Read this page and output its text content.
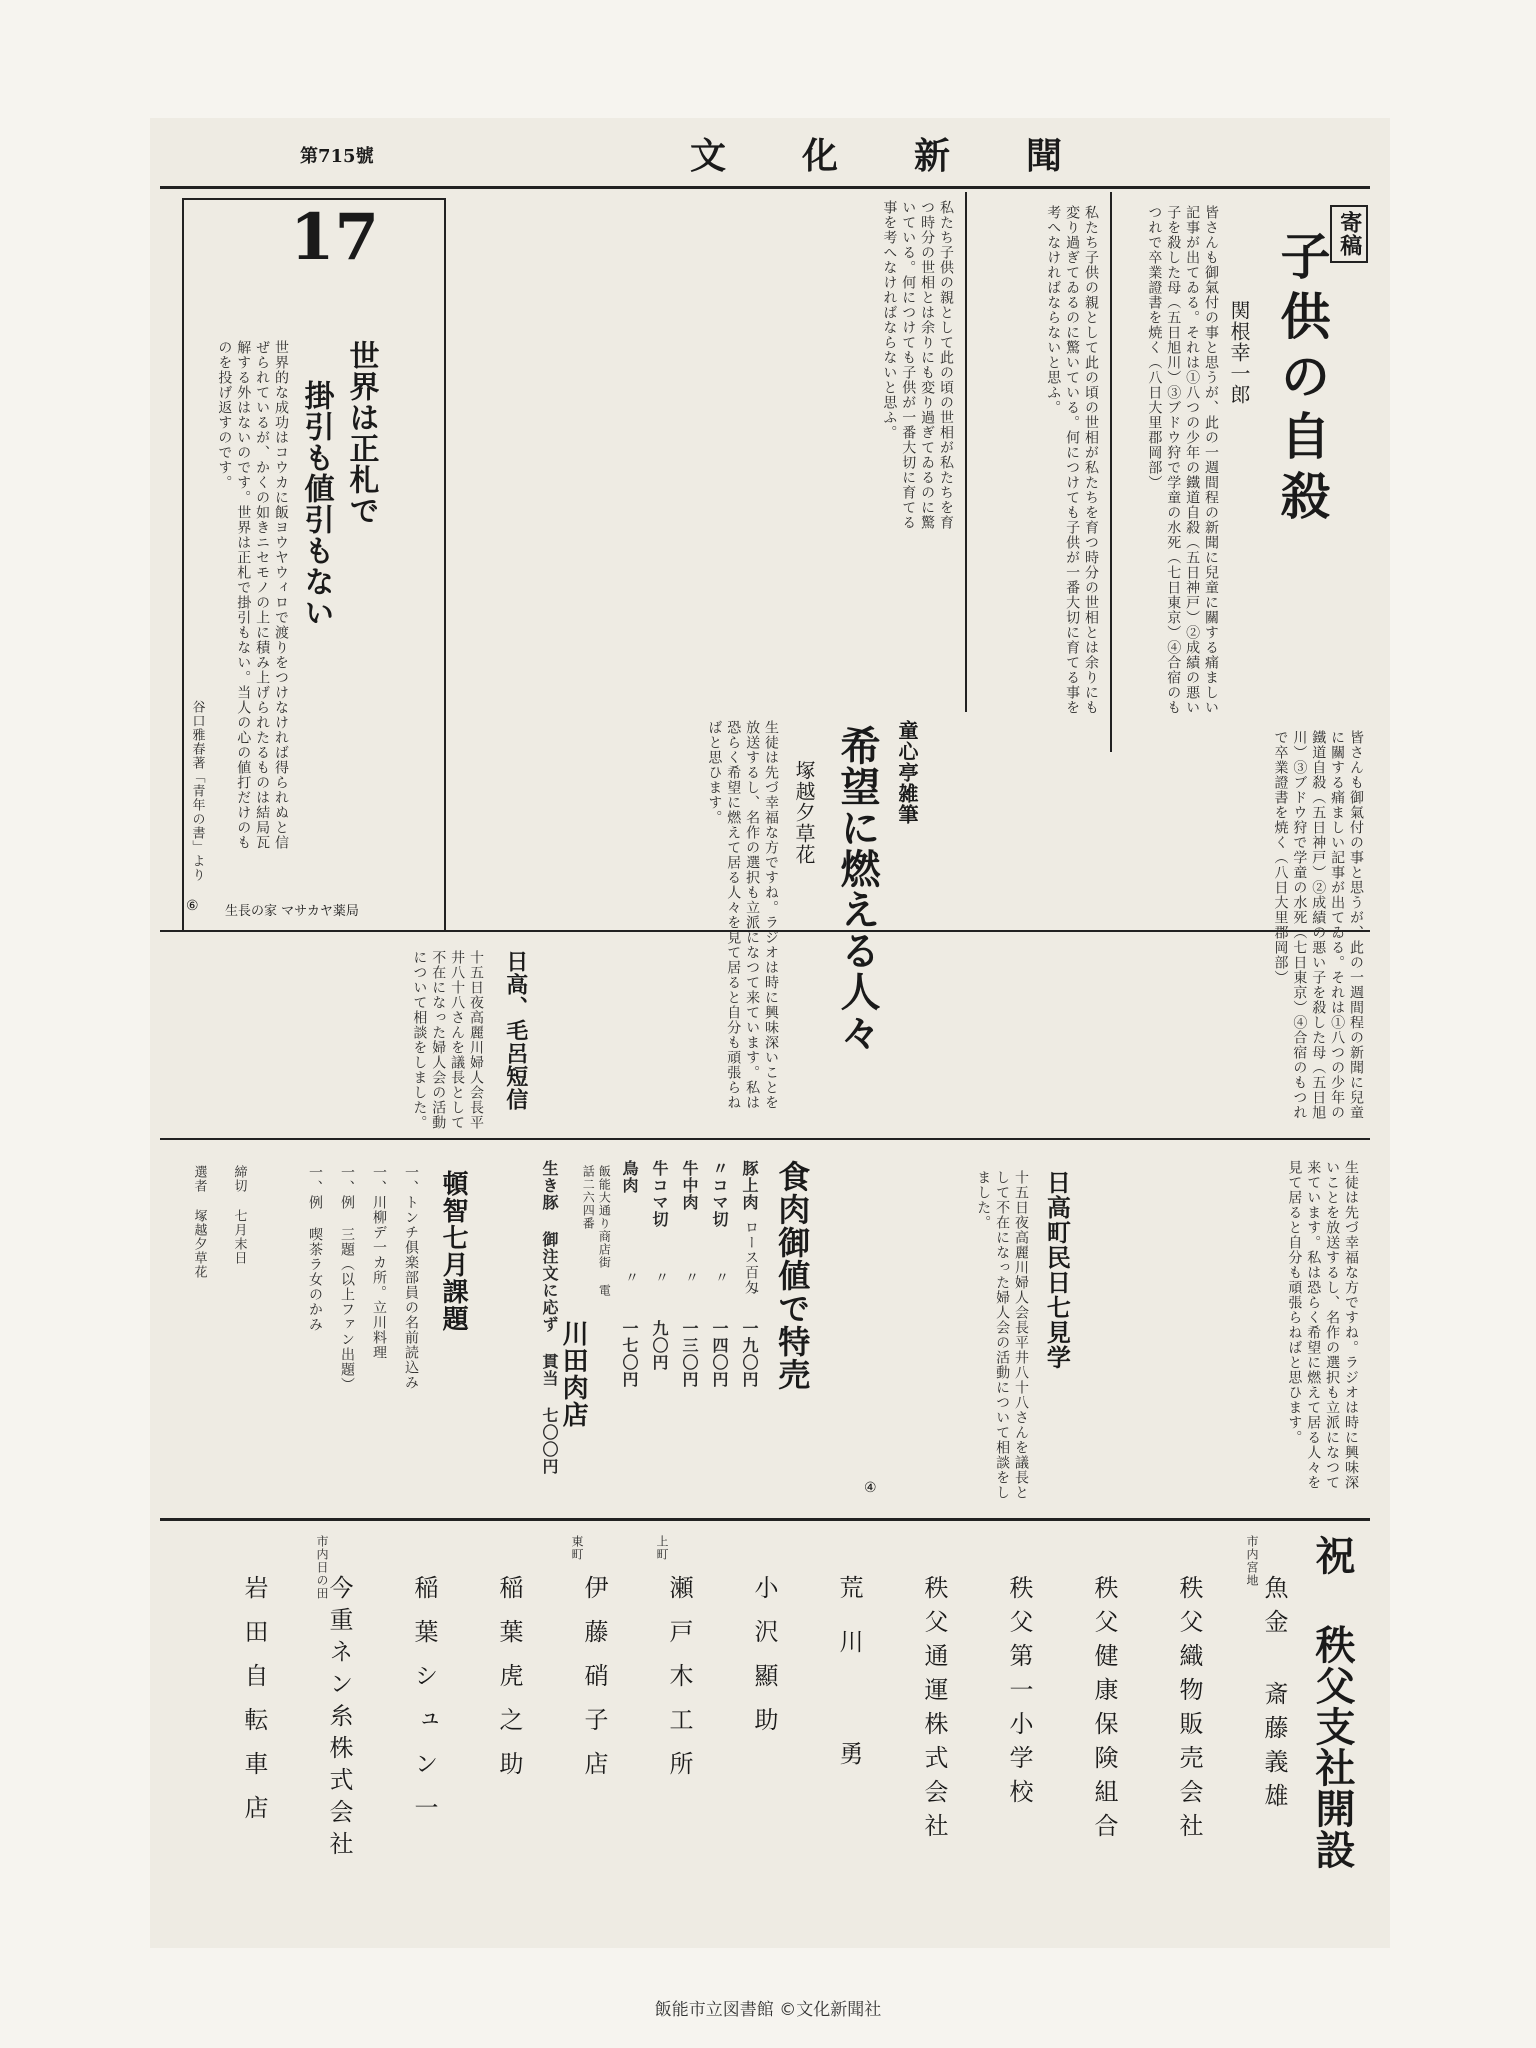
文　化　新　聞
第715號
寄稿
子供の自殺
関根幸一郎
皆さんも御氣付の事と思うが、此の一週間程の新聞に兒童に關する痛ましい記事が出てゐる。それは①八つの少年の鐵道自殺（五日神戸）②成績の悪い子を殺した母（五日旭川）③ブドウ狩で学童の水死（七日東京）④合宿のもつれで卒業證書を焼く（八日大里郡岡部）
私たち子供の親として此の頃の世相が私たちを育つ時分の世相とは余りにも変り過ぎてゐるのに驚いている。何につけても子供が一番大切に育てる事を考へなければならないと思ふ。
17
世界は正札で
掛引も値引もない
世界的な成功はコウカに飯ヨウヤウィロで渡りをつけなければ得られぬと信ぜられているが、かくの如きニセモノの上に積み上げられたるものは結局瓦解する外はないのです。世界は正札で掛引もない。当人の心の値打だけのものを投げ返すのです。
谷口雅春著「青年の書」より
生長の家 マサカヤ薬局
⑥
私たち子供の親として此の頃の世相が私たちを育つ時分の世相とは余りにも変り過ぎてゐるのに驚いている。何につけても子供が一番大切に育てる事を考へなければならないと思ふ。
童心亭雑筆
希望に燃える人々
塚越夕草花
生徒は先づ幸福な方ですね。ラジオは時に興味深いことを放送するし、名作の選択も立派になつて来ています。私は恐らく希望に燃えて居る人々を見て居ると自分も頑張らねばと思ひます。	皆さんも御氣付の事と思うが、此の一週間程の新聞に兒童に關する痛ましい記事が出てゐる。それは①八つの少年の鐵道自殺（五日神戸）②成績の悪い子を殺した母（五日旭川）③ブドウ狩で学童の水死（七日東京）④合宿のもつれで卒業證書を焼く（八日大里郡岡部）
日高、毛呂短信
十五日夜高麗川婦人会長平井八十八さんを議長として不在になった婦人会の活動について相談をしました。
食肉御値で特売
豚上肉
ロース百匁
一九〇円
〃コマ切
〃
一四〇円
牛中肉
〃
一三〇円
牛コマ切
〃
九〇円
鳥肉
〃
一七〇円
生き豚 御注文に応ず 貫当 七〇〇円 川田肉店
飯能大通り商店街 電話二六四番
頓智七月課題
一、トンチ俱楽部員の名前読込み
一、川柳デ一カ所。立川料理
一、例 三題（以上ファン出題）
一、例 喫茶ラ女のかみ
締切 七月末日
選者 塚越夕草花	日高町民日七見学
十五日夜高麗川婦人会長平井八十八さんを議長として不在になった婦人会の活動について相談をしました。
④	生徒は先づ幸福な方ですね。ラジオは時に興味深いことを放送するし、名作の選択も立派になつて来ています。私は恐らく希望に燃えて居る人々を見て居ると自分も頑張らねばと思ひます。
祝 秩父支社開設
市内宮地
魚金 斎藤義雄
秩父織物販売会社
秩父健康保険組合
秩父第一小学校
秩父通運株式会社
荒川 勇
小沢顯助
上町
瀬戸木工所
東町
伊藤硝子店
稲葉虎之助
稲葉シュン一
市内日の田
今重ネン糸株式会社
岩田自転車店
飯能市立図書館 ©文化新聞社
